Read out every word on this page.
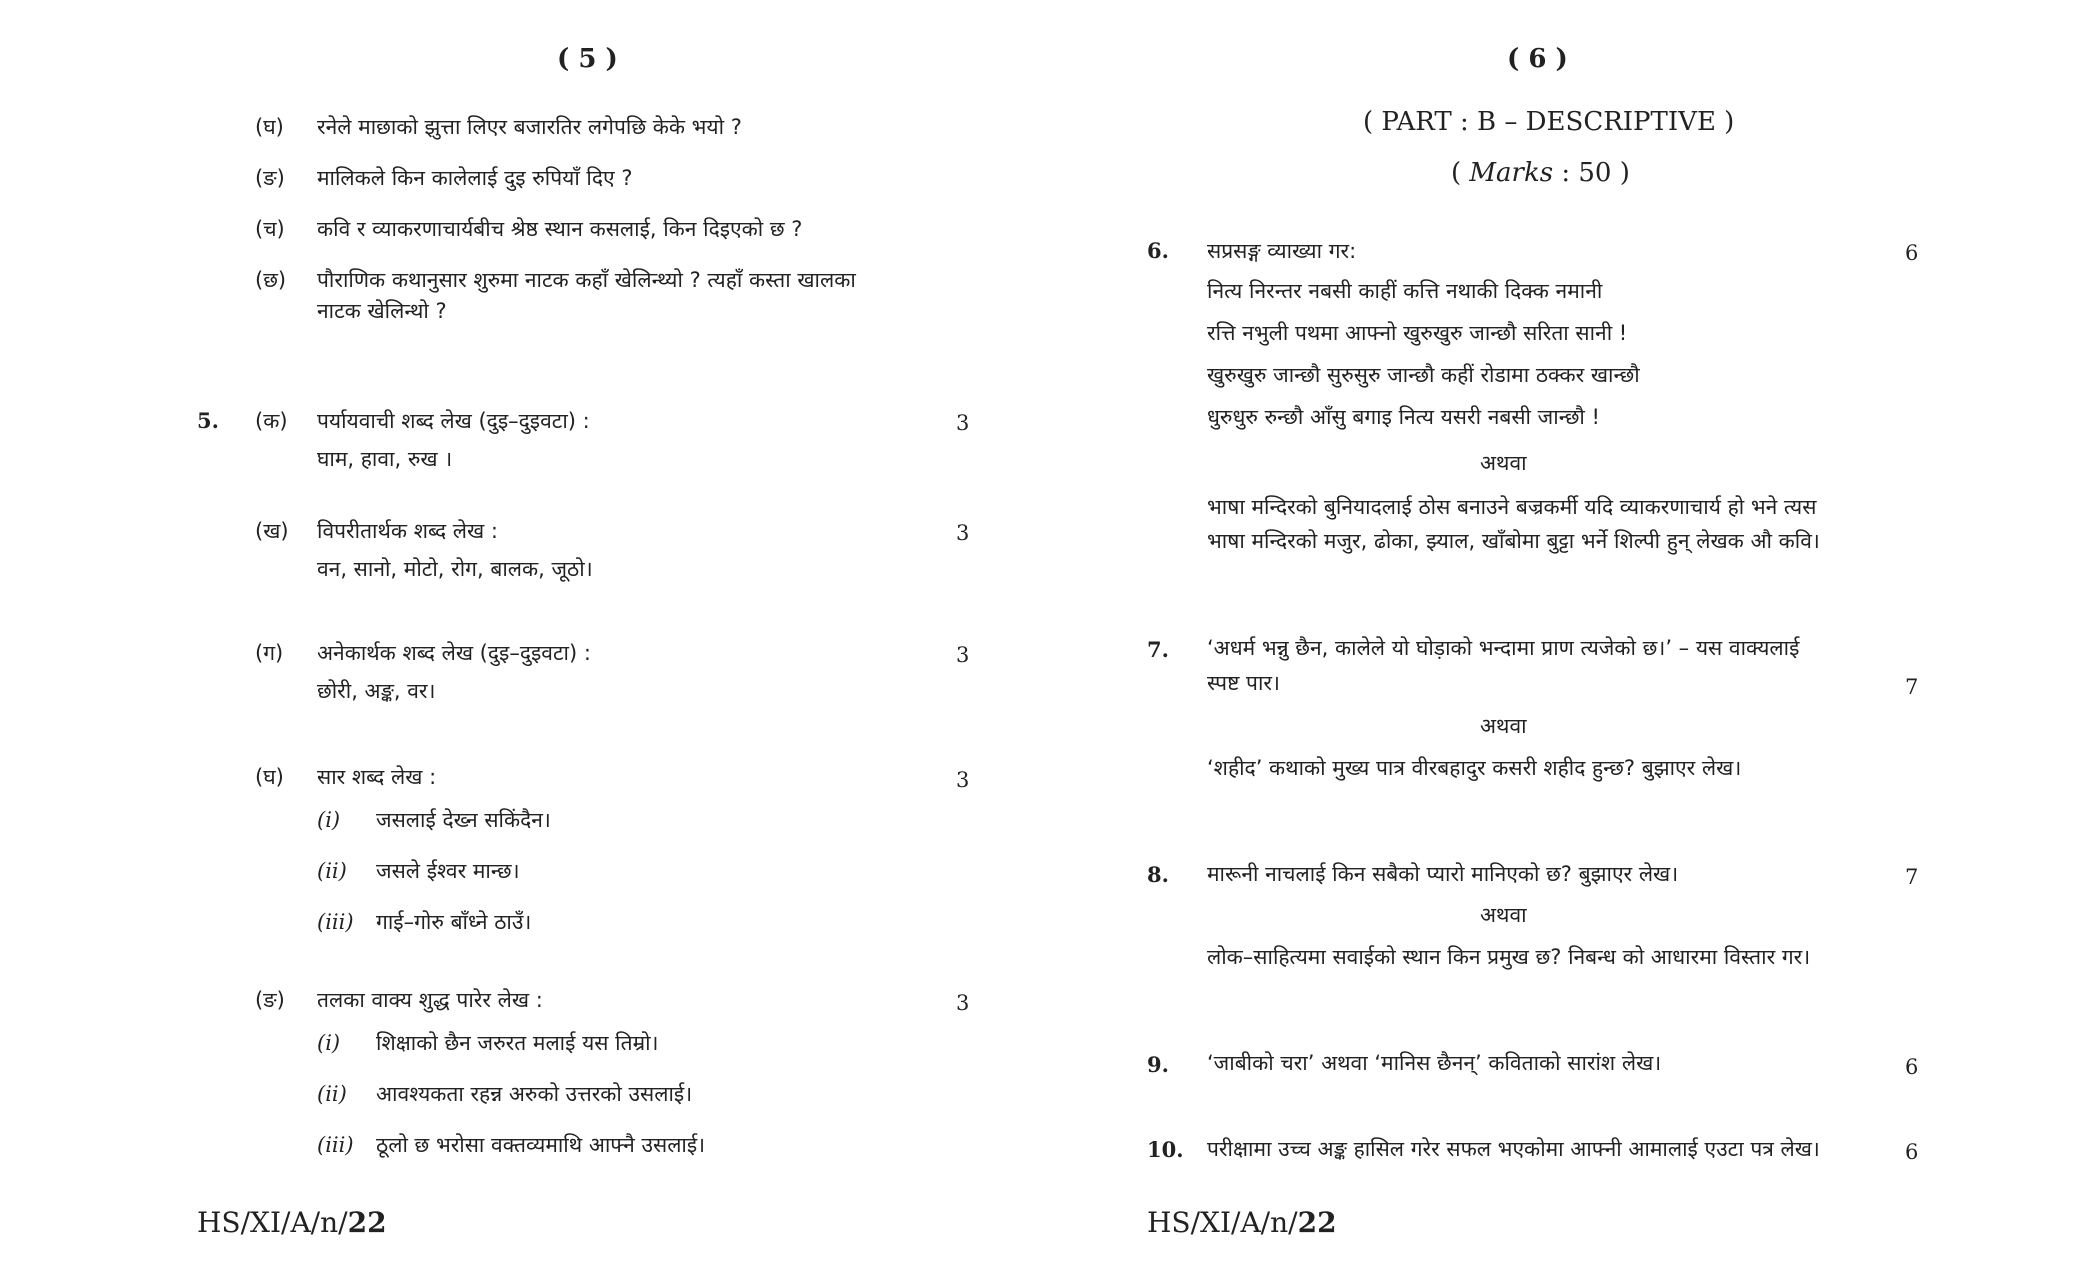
( 5 )
(घ) रनेले माछाको झुत्ता लिएर बजारतिर लगेपछि केके भयो ?
(ङ) मालिकले किन कालेलाई दुइ रुपियाँ दिए ?
(च) कवि र व्याकरणाचार्यबीच श्रेष्ठ स्थान कसलाई, किन दिइएको छ ?
(छ) पौराणिक कथानुसार शुरुमा नाटक कहाँ खेलिन्थ्यो ? त्यहाँ कस्ता खालका
नाटक खेलिन्थो ?
5. (क) पर्यायवाची शब्द लेख (दुइ–दुइवटा) :	3
घाम, हावा, रुख ।
(ख) विपरीतार्थक शब्द लेख :	3
वन, सानो, मोटो, रोग, बालक, जूठो।
(ग) अनेकार्थक शब्द लेख (दुइ–दुइवटा) :	3
छोरी, अङ्क, वर।
(घ) सार शब्द लेख :	3
(i) जसलाई देख्न सकिंदैन।
(ii) जसले ईश्वर मान्छ।
(iii) गाई–गोरु बाँध्ने ठाउँ।
(ङ) तलका वाक्य शुद्ध पारेर लेख :	3
(i) शिक्षाको छैन जरुरत मलाई यस तिम्रो।
(ii) आवश्यकता रहन्न अरुको उत्तरको उसलाई।
(iii) ठूलो छ भरोसा वक्तव्यमाथि आफ्नै उसलाई।
HS/XI/A/n/22
( 6 )
( PART : B – DESCRIPTIVE )
( Marks : 50 )
6. सप्रसङ्ग व्याख्या गर:	6
नित्य निरन्तर नबसी काहीं कत्ति नथाकी दिक्क नमानी
रत्ति नभुली पथमा आफ्नो खुरुखुरु जान्छौ सरिता सानी !
खुरुखुरु जान्छौ सुरुसुरु जान्छौ कहीं रोडामा ठक्कर खान्छौ
धुरुधुरु रुन्छौ आँसु बगाइ नित्य यसरी नबसी जान्छौ !
अथवा
भाषा मन्दिरको बुनियादलाई ठोस बनाउने बज्रकर्मी यदि व्याकरणाचार्य हो भने त्यस
भाषा मन्दिरको मजुर, ढोका, झ्याल, खाँबोमा बुट्टा भर्ने शिल्पी हुन् लेखक औ कवि।
7. ‘अधर्म भन्नु छैन, कालेले यो घोड़ाको भन्दामा प्राण त्यजेको छ।’ – यस वाक्यलाई
स्पष्ट पार।	7
अथवा
‘शहीद’ कथाको मुख्य पात्र वीरबहादुर कसरी शहीद हुन्छ? बुझाएर लेख।
8. मारूनी नाचलाई किन सबैको प्यारो मानिएको छ? बुझाएर लेख।	7
अथवा
लोक–साहित्यमा सवाईको स्थान किन प्रमुख छ? निबन्ध को आधारमा विस्तार गर।
9. ‘जाबीको चरा’ अथवा ‘मानिस छैनन्’ कविताको सारांश लेख।	6
10. परीक्षामा उच्च अङ्क हासिल गरेर सफल भएकोमा आफ्नी आमालाई एउटा पत्र लेख।	6
HS/XI/A/n/22
